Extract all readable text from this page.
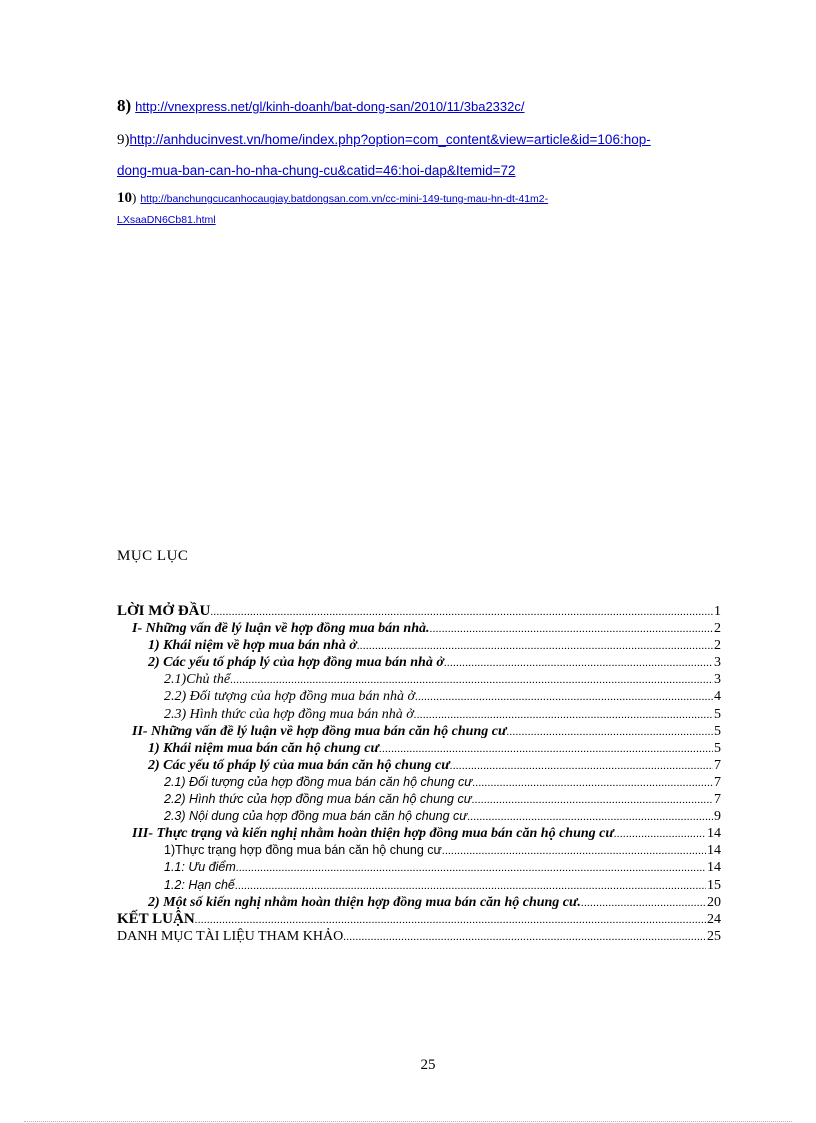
8) http://vnexpress.net/gl/kinh-doanh/bat-dong-san/2010/11/3ba2332c/
9)http://anhducinvest.vn/home/index.php?option=com_content&view=article&id=106:hop-
dong-mua-ban-can-ho-nha-chung-cu&catid=46:hoi-dap&Itemid=72
10) http://banchungcucanhocaugiay.batdongsan.com.vn/cc-mini-149-tung-mau-hn-dt-41m2-
LXsaaDN6Cb81.html
MỤC LỤC
LỜI MỞ ĐẦU .....	1
I- Những vấn đề lý luận về hợp đồng mua bán nhà. .....	2
1) Khái niệm về hợp mua bán nhà ở .....	2
2) Các yếu tố pháp lý của hợp đồng mua bán nhà ở .....	3
2.1)Chủ thể .....	3
2.2) Đối tượng của hợp đồng mua bán nhà ở .....	4
2.3) Hình thức của hợp đồng mua bán nhà ở .....	5
II- Những vấn đề lý luận về hợp đồng mua bán căn hộ chung cư .....	5
1) Khái niệm mua bán căn hộ chung cư .....	5
2) Các yếu tố pháp lý của mua bán căn hộ chung cư .....	7
2.1) Đối tượng của hợp đồng mua bán căn hộ chung cư .....	7
2.2) Hình thức của hợp đồng mua bán căn hộ chung cư .....	7
2.3) Nội dung của hợp đồng mua bán căn hộ chung cư .....	9
III- Thực trạng và kiến nghị nhằm hoàn thiện hợp đồng mua bán căn hộ chung cư .....	14
1)Thực trạng hợp đồng mua bán căn hộ chung cư .....	14
1.1: Ưu điểm .....	14
1.2: Hạn chế .....	15
2) Một số kiến nghị nhằm hoàn thiện hợp đồng mua bán căn hộ chung cư. .....	20
KẾT LUẬN .....	24
DANH MỤC TÀI LIỆU THAM KHẢO .....	25
25
